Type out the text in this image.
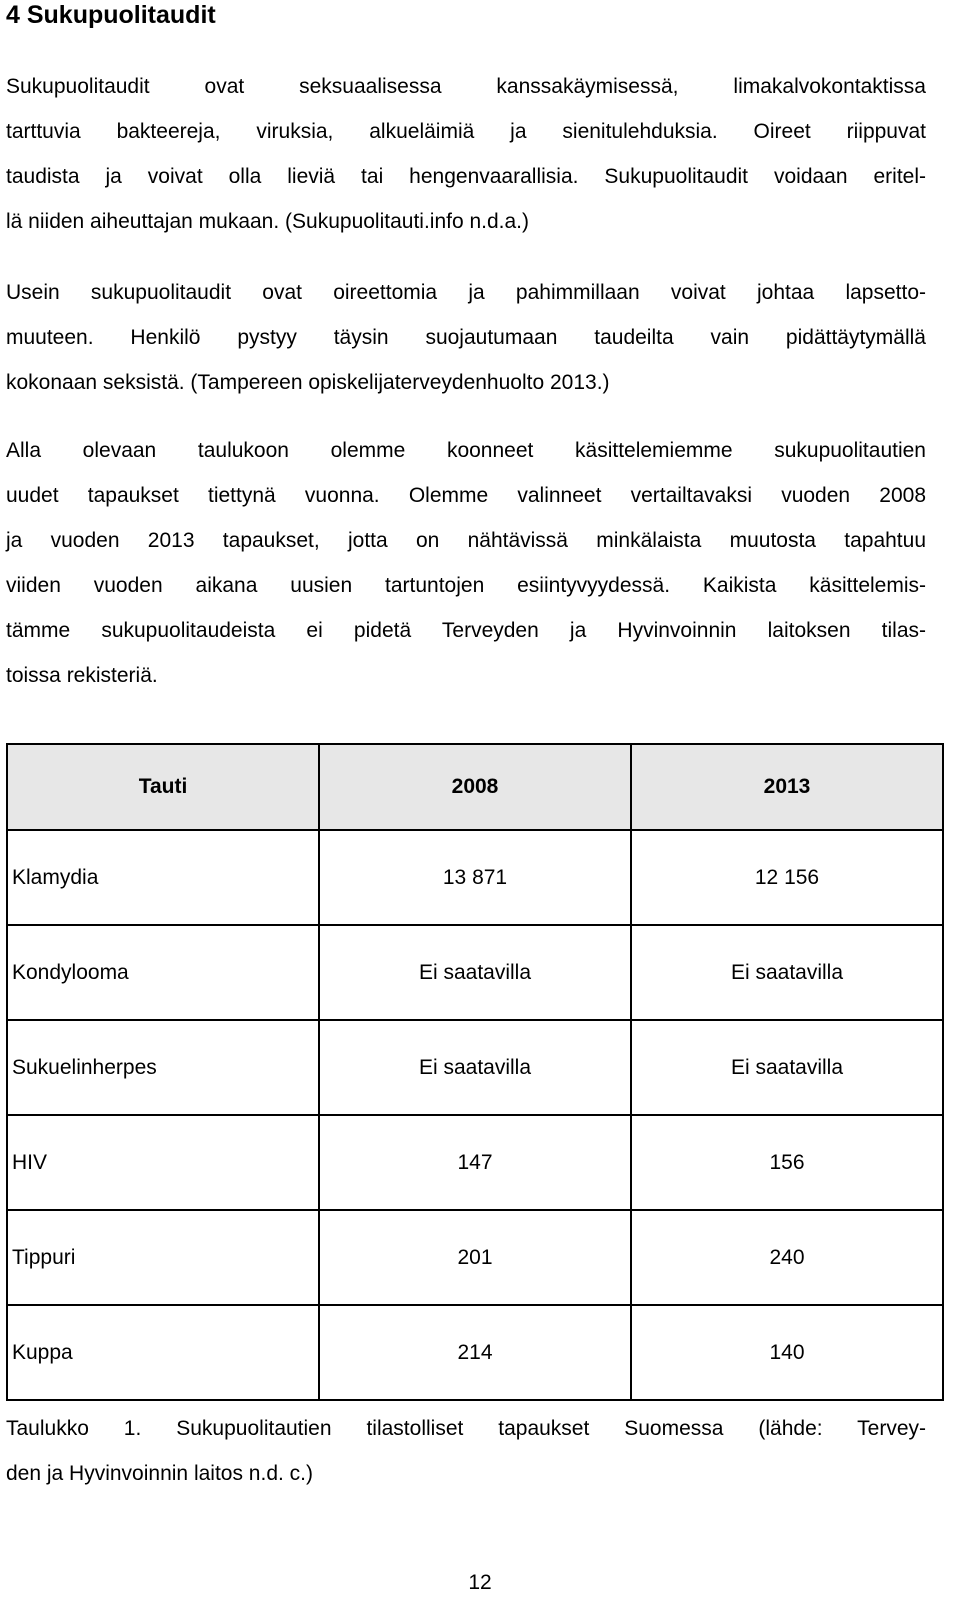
4 Sukupuolitaudit
Sukupuolitaudit ovat seksuaalisessa kanssakäymisessä, limakalvokontaktissa
tarttuvia bakteereja, viruksia, alkueläimiä ja sienitulehduksia. Oireet riippuvat
taudista ja voivat olla lieviä tai hengenvaarallisia. Sukupuolitaudit voidaan eritel-
lä niiden aiheuttajan mukaan. (Sukupuolitauti.info n.d.a.)
Usein sukupuolitaudit ovat oireettomia ja pahimmillaan voivat johtaa lapsetto-
muuteen. Henkilö pystyy täysin suojautumaan taudeilta vain pidättäytymällä
kokonaan seksistä. (Tampereen opiskelijaterveydenhuolto 2013.)
Alla olevaan taulukoon olemme koonneet käsittelemiemme sukupuolitautien
uudet tapaukset tiettynä vuonna. Olemme valinneet vertailtavaksi vuoden 2008
ja vuoden 2013 tapaukset, jotta on nähtävissä minkälaista muutosta tapahtuu
viiden vuoden aikana uusien tartuntojen esiintyvyydessä. Kaikista käsittelemis-
tämme sukupuolitaudeista ei pidetä Terveyden ja Hyvinvoinnin laitoksen tilas-
toissa rekisteriä.
Tauti	2008	2013
Klamydia	13 871	12 156
Kondylooma	Ei saatavilla	Ei saatavilla
Sukuelinherpes	Ei saatavilla	Ei saatavilla
HIV	147	156
Tippuri	201	240
Kuppa	214	140
Taulukko 1. Sukupuolitautien tilastolliset tapaukset Suomessa (lähde: Tervey-
den ja Hyvinvoinnin laitos n.d. c.)
12
